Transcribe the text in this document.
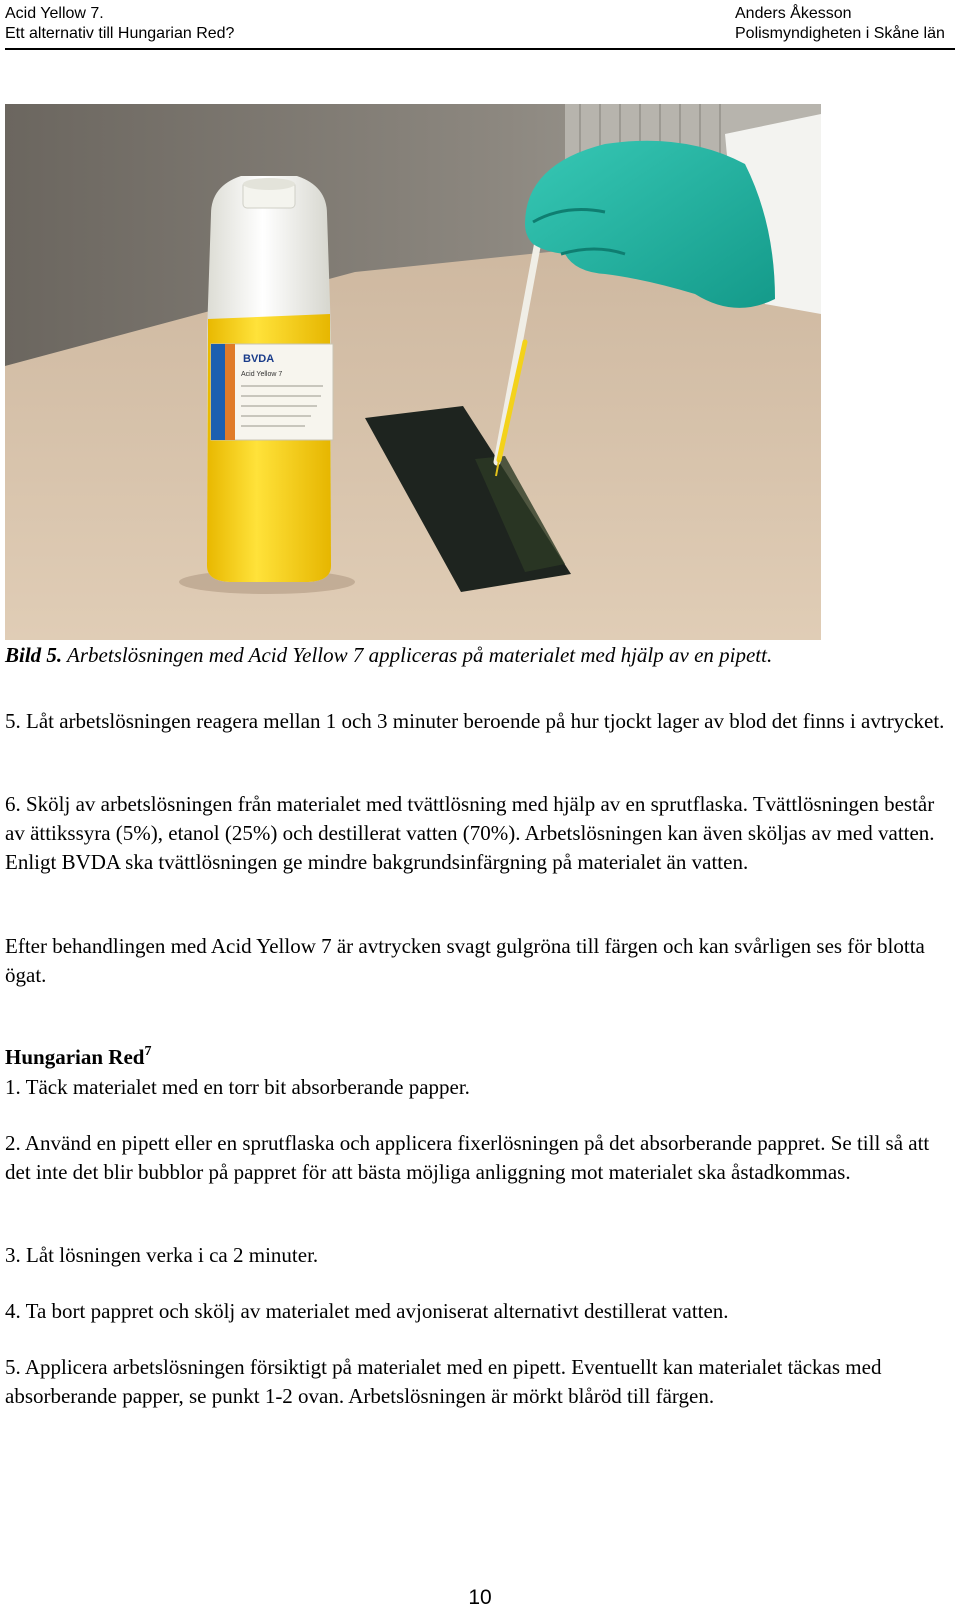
Acid Yellow 7.
Ett alternativ till Hungarian Red?
Anders Åkesson
Polismyndigheten i Skåne län
BVDA
Acid Yellow 7
Bild 5. Arbetslösningen med Acid Yellow 7 appliceras på materialet med hjälp av en pipett.

5. Låt arbetslösningen reagera mellan 1 och 3 minuter beroende på hur tjockt lager av blod det finns i avtrycket.

6. Skölj av arbetslösningen från materialet med tvättlösning med hjälp av en sprutflaska. Tvättlösningen består av ättikssyra (5%), etanol (25%) och destillerat vatten (70%). Arbetslösningen kan även sköljas av med vatten. Enligt BVDA ska tvättlösningen ge mindre bakgrundsinfärgning på materialet än vatten.

Efter behandlingen med Acid Yellow 7 är avtrycken svagt gulgröna till färgen och kan svårligen ses för blotta ögat.

Hungarian Red$^7$

1. Täck materialet med en torr bit absorberande papper.

2. Använd en pipett eller en sprutflaska och applicera fixerlösningen på det absorberande pappret. Se till så att det inte det blir bubblor på pappret för att bästa möjliga anliggning mot materialet ska åstadkommas.

3. Låt lösningen verka i ca 2 minuter.

4. Ta bort pappret och skölj av materialet med avjoniserat alternativt destillerat vatten.

5. Applicera arbetslösningen försiktigt på materialet med en pipett. Eventuellt kan materialet täckas med absorberande papper, se punkt 1-2 ovan. Arbetslösningen är mörkt blåröd till färgen.

10
